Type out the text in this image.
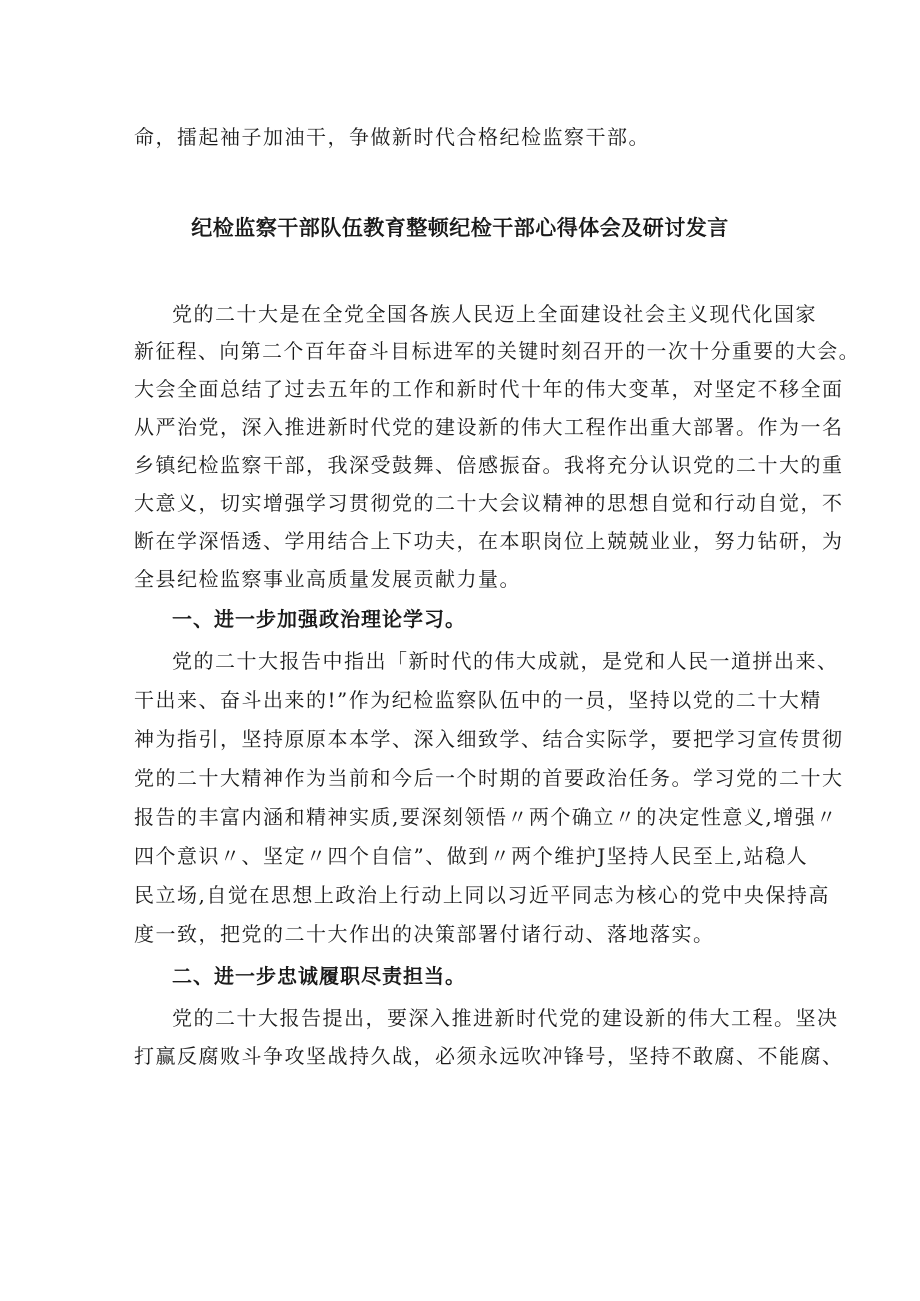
命，擂起袖子加油干，争做新时代合格纪检监察干部。
纪检监察干部队伍教育整顿纪检干部心得体会及研讨发言
党的二十大是在全党全国各族人民迈上全面建设社会主义现代化国家
新征程、向第二个百年奋斗目标进军的关键时刻召开的一次十分重要的大会。
大会全面总结了过去五年的工作和新时代十年的伟大变革，对坚定不移全面
从严治党，深入推进新时代党的建设新的伟大工程作出重大部署。作为一名
乡镇纪检监察干部，我深受鼓舞、倍感振奋。我将充分认识党的二十大的重
大意义，切实增强学习贯彻党的二十大会议精神的思想自觉和行动自觉，不
断在学深悟透、学用结合上下功夫，在本职岗位上兢兢业业，努力钻研，为
全县纪检监察事业高质量发展贡献力量。
一、进一步加强政治理论学习。
党的二十大报告中指出「新时代的伟大成就，是党和人民一道拼出来、
干出来、奋斗出来的!”作为纪检监察队伍中的一员，坚持以党的二十大精
神为指引，坚持原原本本学、深入细致学、结合实际学，要把学习宣传贯彻
党的二十大精神作为当前和今后一个时期的首要政治任务。学习党的二十大
报告的丰富内涵和精神实质,要深刻领悟〃两个确立〃的决定性意义,增强〃
四个意识〃、坚定〃四个自信”、做到〃两个维护J坚持人民至上,站稳人
民立场,自觉在思想上政治上行动上同以习近平同志为核心的党中央保持高
度一致，把党的二十大作出的决策部署付诸行动、落地落实。
二、进一步忠诚履职尽责担当。
党的二十大报告提出，要深入推进新时代党的建设新的伟大工程。坚决
打赢反腐败斗争攻坚战持久战，必须永远吹冲锋号，坚持不敢腐、不能腐、
